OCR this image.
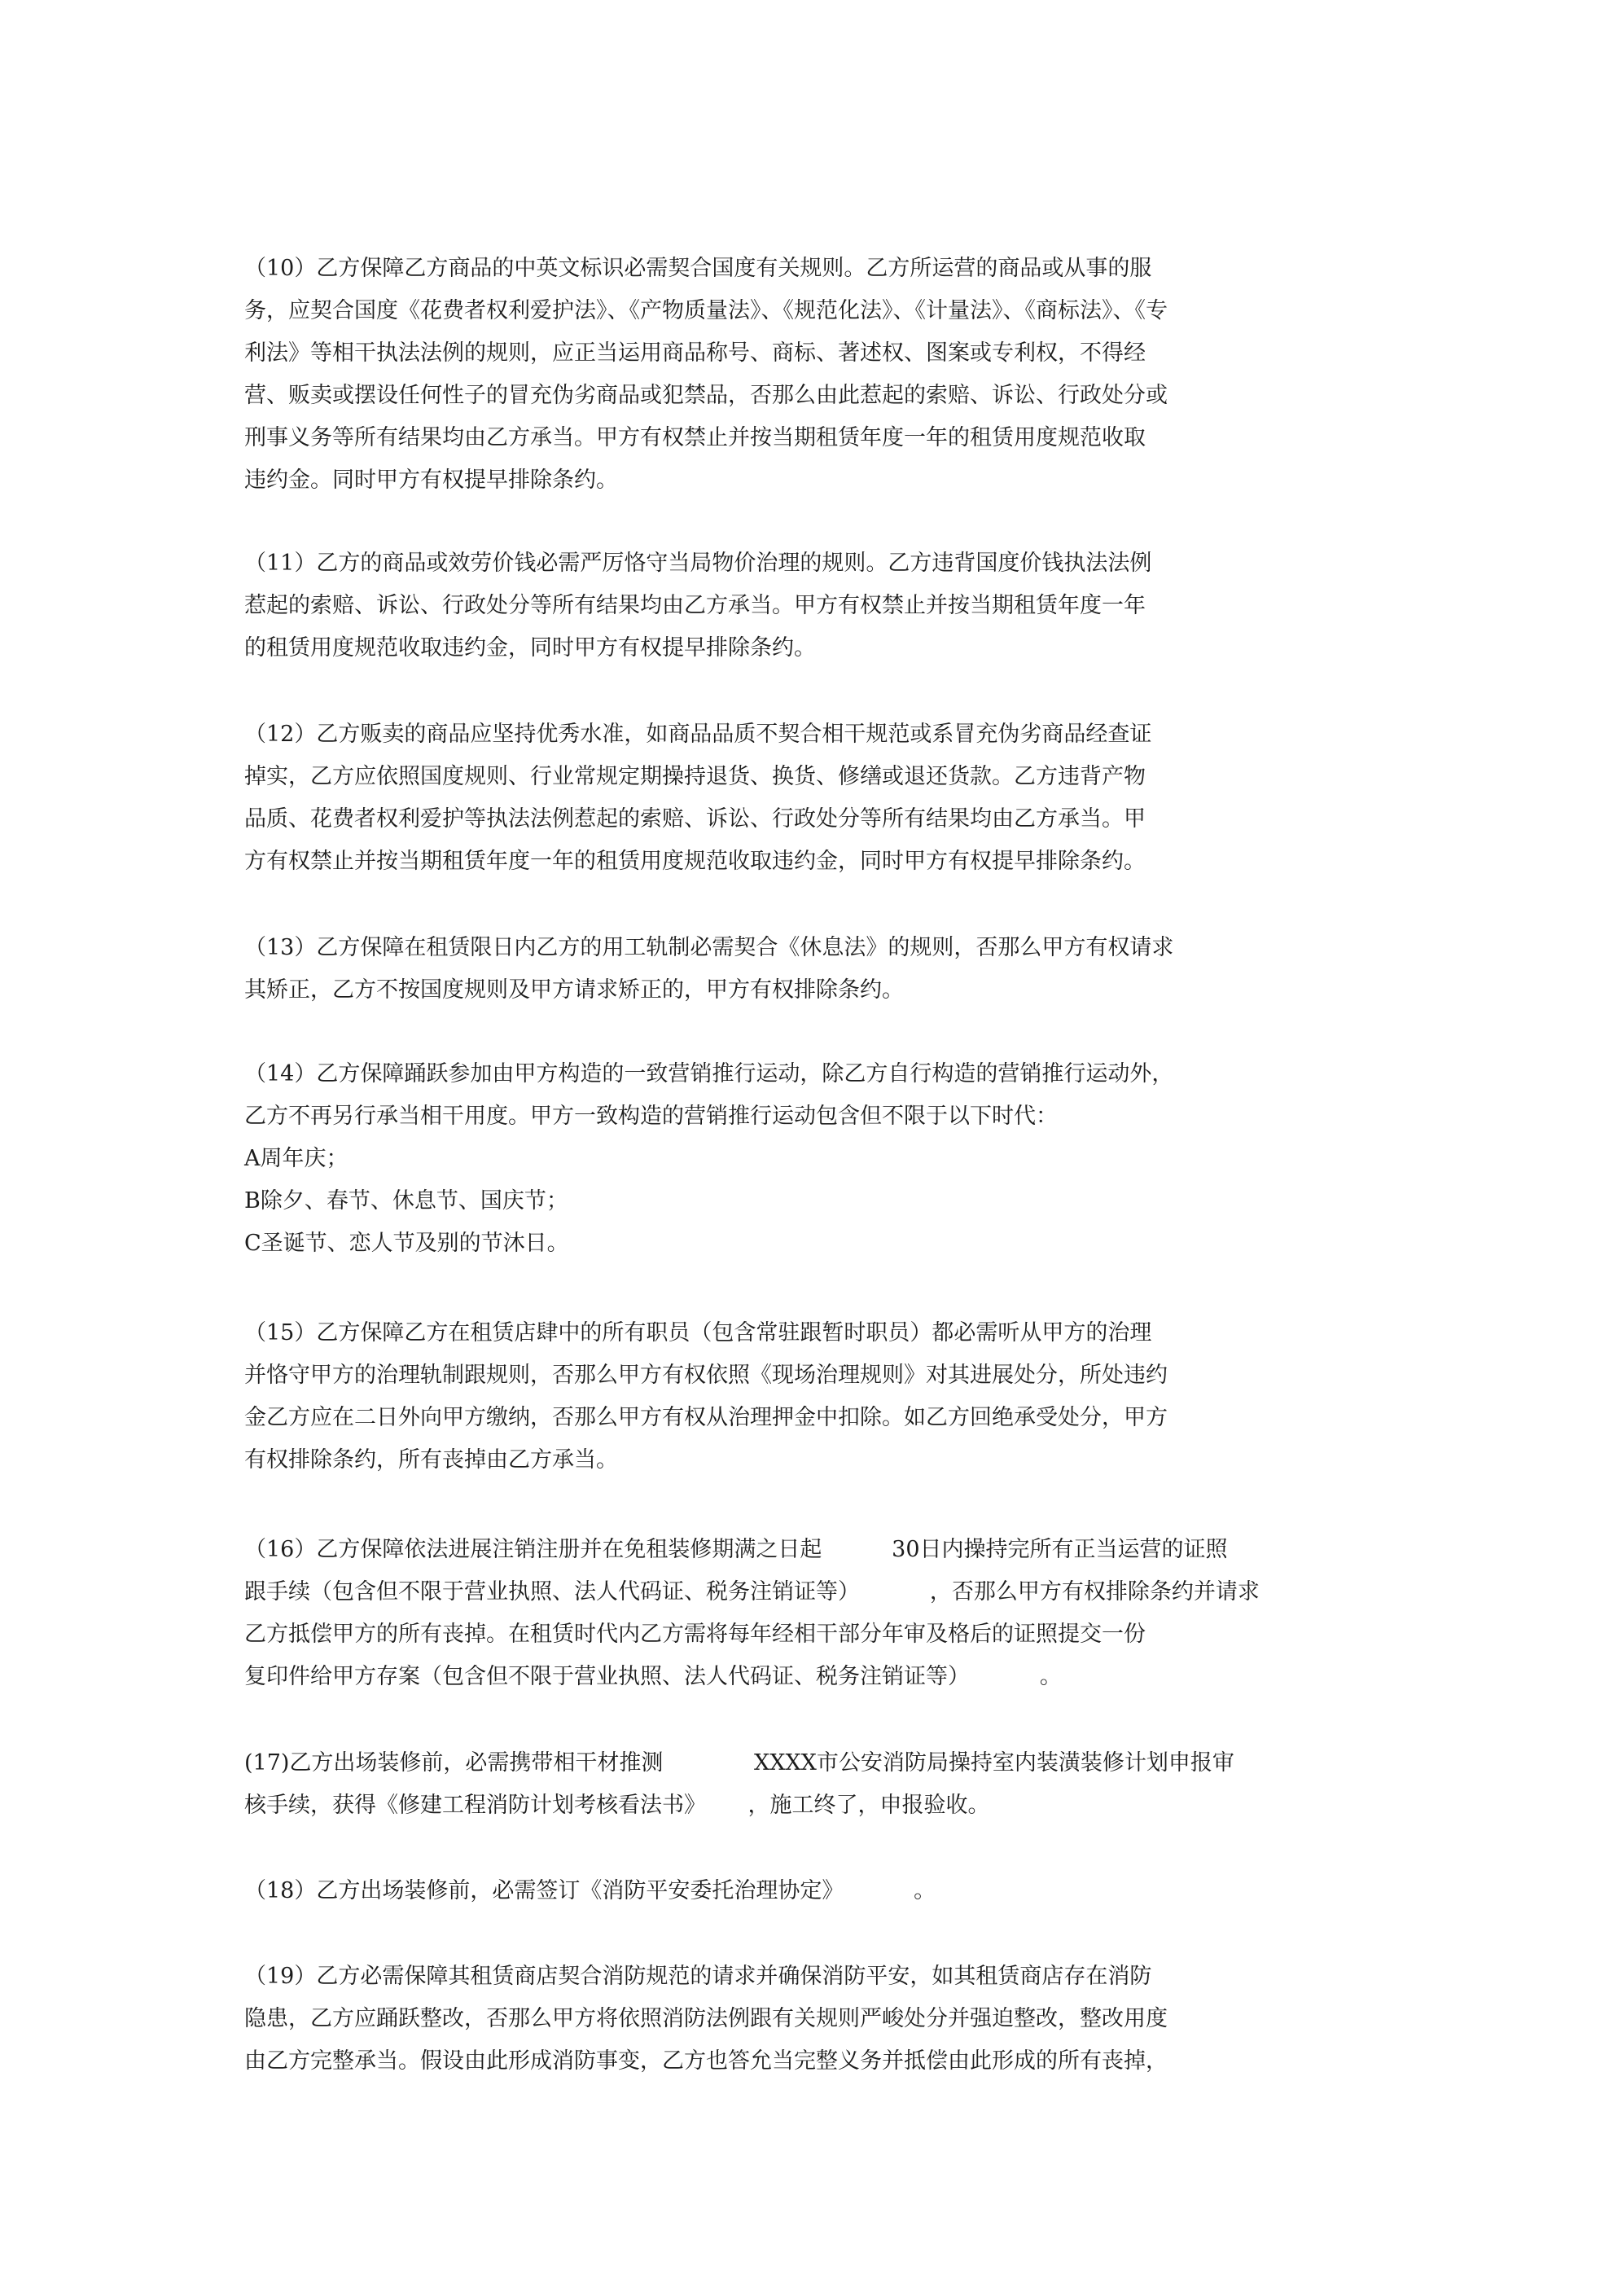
（10）乙方保障乙方商品的中英文标识必需契合国度有关规则。乙方所运营的商品或从事的服
务，应契合国度《花费者权利爱护法》、《产物质量法》、《规范化法》、《计量法》、《商标法》、《专
利法》等相干执法法例的规则，应正当运用商品称号、商标、著述权、图案或专利权，不得经
营、贩卖或摆设任何性子的冒充伪劣商品或犯禁品，否那么由此惹起的索赔、诉讼、行政处分或
刑事义务等所有结果均由乙方承当。甲方有权禁止并按当期租赁年度一年的租赁用度规范收取
违约金。同时甲方有权提早排除条约。
（11）乙方的商品或效劳价钱必需严厉恪守当局物价治理的规则。乙方违背国度价钱执法法例
惹起的索赔、诉讼、行政处分等所有结果均由乙方承当。甲方有权禁止并按当期租赁年度一年
的租赁用度规范收取违约金，同时甲方有权提早排除条约。
（12）乙方贩卖的商品应坚持优秀水准，如商品品质不契合相干规范或系冒充伪劣商品经查证
掉实，乙方应依照国度规则、行业常规定期操持退货、换货、修缮或退还货款。乙方违背产物
品质、花费者权利爱护等执法法例惹起的索赔、诉讼、行政处分等所有结果均由乙方承当。甲
方有权禁止并按当期租赁年度一年的租赁用度规范收取违约金，同时甲方有权提早排除条约。
（13）乙方保障在租赁限日内乙方的用工轨制必需契合《休息法》的规则，否那么甲方有权请求
其矫正，乙方不按国度规则及甲方请求矫正的，甲方有权排除条约。
（14）乙方保障踊跃参加由甲方构造的一致营销推行运动，除乙方自行构造的营销推行运动外，
乙方不再另行承当相干用度。甲方一致构造的营销推行运动包含但不限于以下时代：
A周年庆；
B除夕、春节、休息节、国庆节；
C圣诞节、恋人节及别的节沐日。
（15）乙方保障乙方在租赁店肆中的所有职员（包含常驻跟暂时职员）都必需听从甲方的治理
并恪守甲方的治理轨制跟规则，否那么甲方有权依照《现场治理规则》对其进展处分，所处违约
金乙方应在二日外向甲方缴纳，否那么甲方有权从治理押金中扣除。如乙方回绝承受处分，甲方
有权排除条约，所有丧掉由乙方承当。
（16）乙方保障依法进展注销注册并在免租装修期满之日起          30日内操持完所有正当运营的证照
跟手续（包含但不限于营业执照、法人代码证、税务注销证等）          ，否那么甲方有权排除条约并请求
乙方抵偿甲方的所有丧掉。在租赁时代内乙方需将每年经相干部分年审及格后的证照提交一份
复印件给甲方存案（包含但不限于营业执照、法人代码证、税务注销证等）          。
(17)乙方出场装修前，必需携带相干材推测             XXXX市公安消防局操持室内装潢装修计划申报审
核手续，获得《修建工程消防计划考核看法书》      ，施工终了，申报验收。
（18）乙方出场装修前，必需签订《消防平安委托治理协定》          。
（19）乙方必需保障其租赁商店契合消防规范的请求并确保消防平安，如其租赁商店存在消防
隐患，乙方应踊跃整改，否那么甲方将依照消防法例跟有关规则严峻处分并强迫整改，整改用度
由乙方完整承当。假设由此形成消防事变，乙方也答允当完整义务并抵偿由此形成的所有丧掉，
